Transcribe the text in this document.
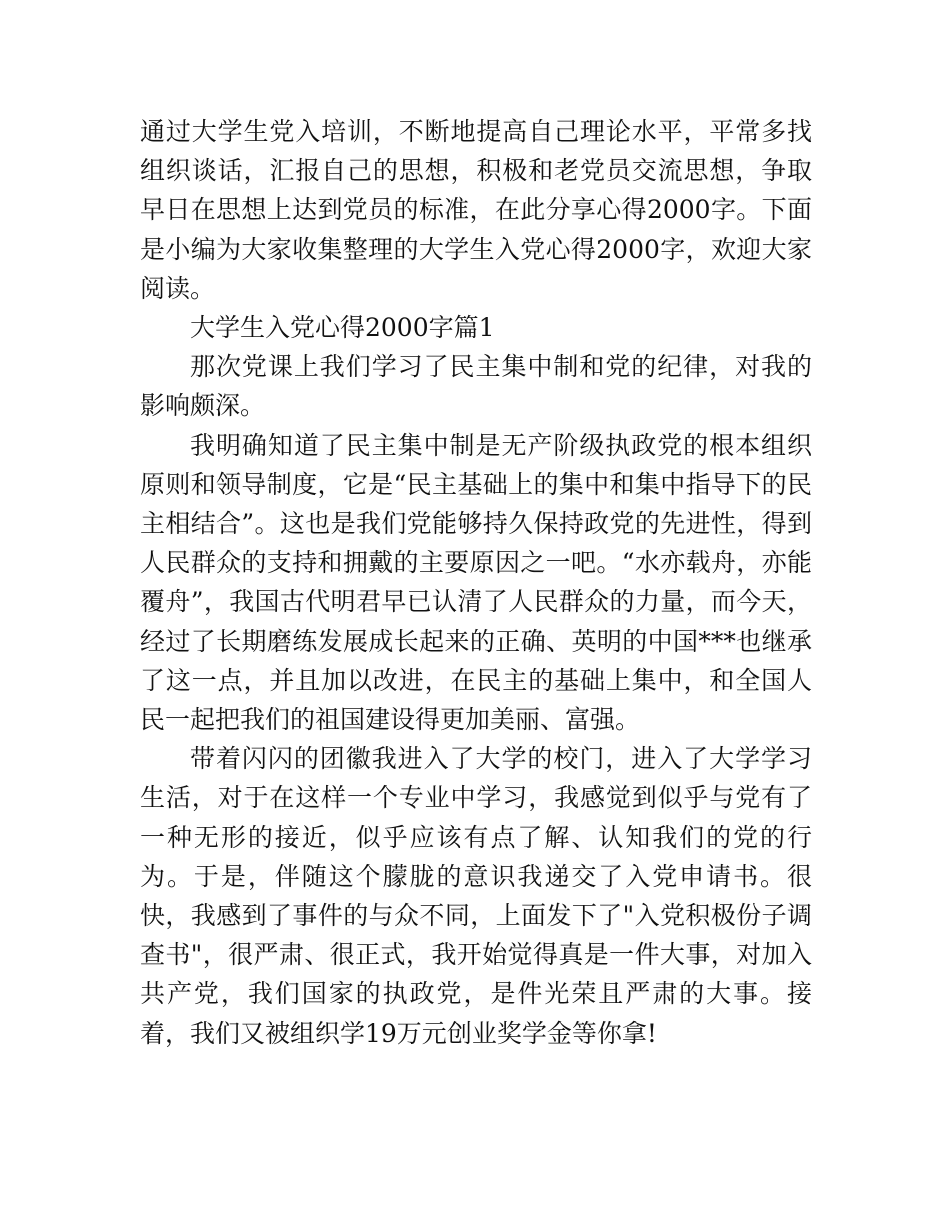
通过大学生党入培训，不断地提高自己理论水平，平常多找组织谈话，汇报自己的思想，积极和老党员交流思想，争取早日在思想上达到党员的标准，在此分享心得2000字。下面是小编为大家收集整理的大学生入党心得2000字，欢迎大家阅读。

大学生入党心得2000字篇1

那次党课上我们学习了民主集中制和党的纪律，对我的影响颇深。

我明确知道了民主集中制是无产阶级执政党的根本组织原则和领导制度，它是“民主基础上的集中和集中指导下的民主相结合”。这也是我们党能够持久保持政党的先进性，得到人民群众的支持和拥戴的主要原因之一吧。“水亦载舟，亦能覆舟”，我国古代明君早已认清了人民群众的力量，而今天，经过了长期磨练发展成长起来的正确、英明的中国***也继承了这一点，并且加以改进，在民主的基础上集中，和全国人民一起把我们的祖国建设得更加美丽、富强。

带着闪闪的团徽我进入了大学的校门，进入了大学学习生活，对于在这样一个专业中学习，我感觉到似乎与党有了一种无形的接近，似乎应该有点了解、认知我们的党的行为。于是，伴随这个朦胧的意识我递交了入党申请书。很快，我感到了事件的与众不同，上面发下了"入党积极份子调查书"，很严肃、很正式，我开始觉得真是一件大事，对加入共产党，我们国家的执政党，是件光荣且严肃的大事。接着，我们又被组织学19万元创业奖学金等你拿!
